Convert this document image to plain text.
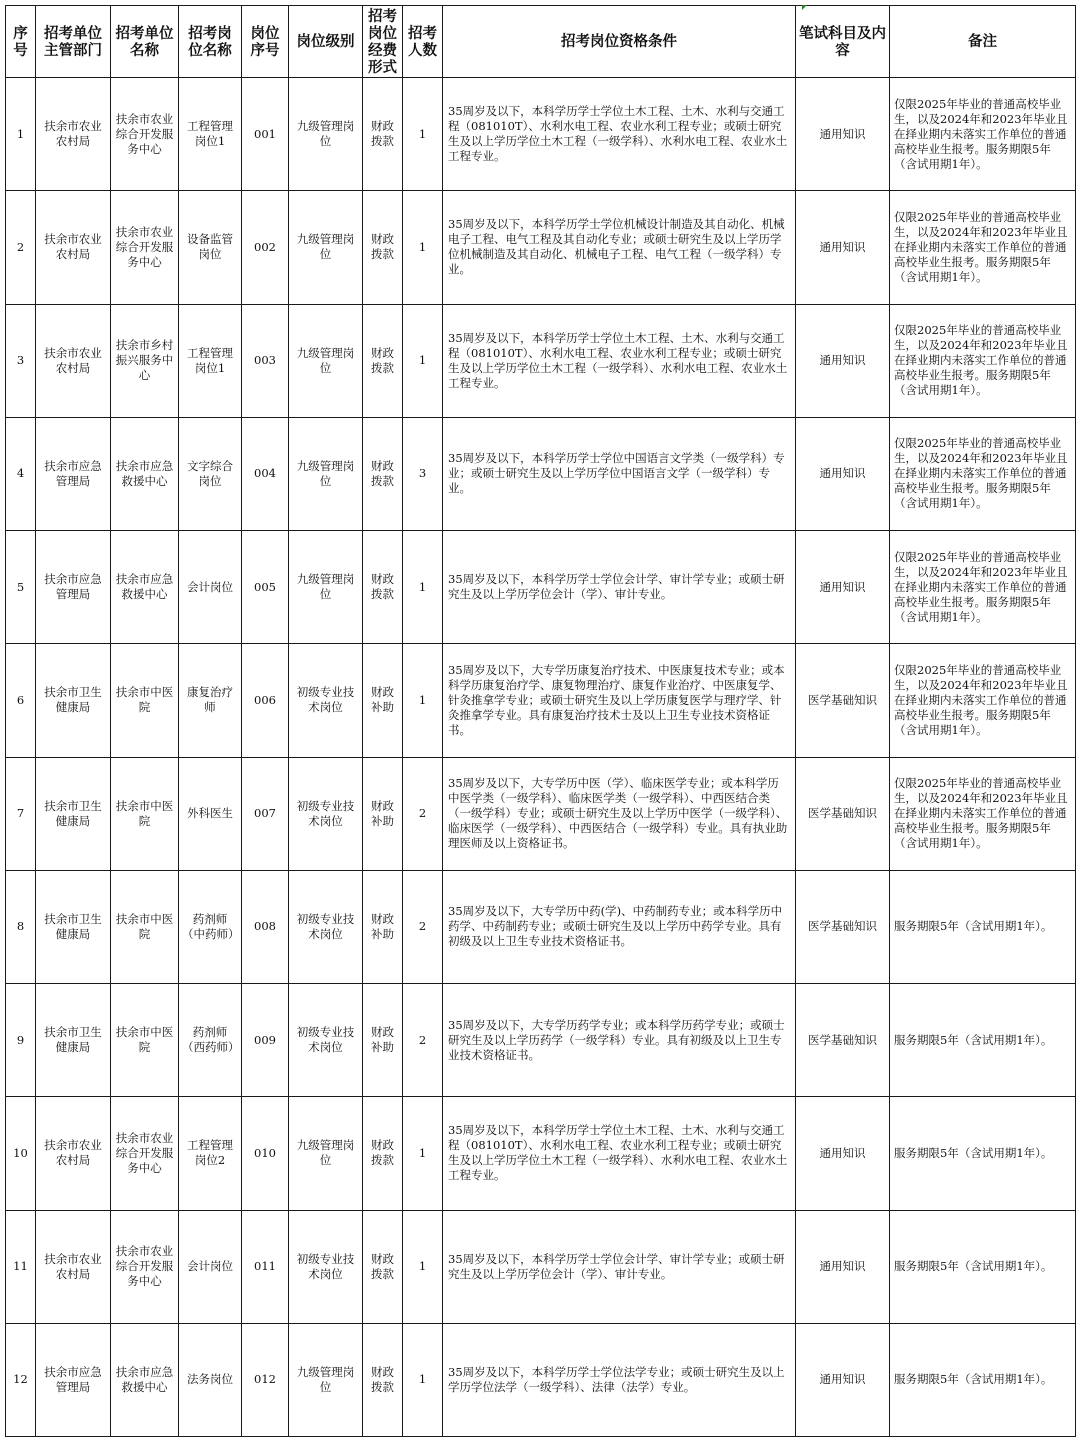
序号	招考单位主管部门	招考单位名称	招考岗位名称	岗位序号	岗位级别	招考岗位经费形式	招考人数	招考岗位资格条件	笔试科目及内容	备注
1	扶余市农业农村局	扶余市农业综合开发服务中心	工程管理岗位1	001	九级管理岗位	财政拨款	1	35周岁及以下，本科学历学士学位土木工程、土木、水利与交通工程（081010T）、水利水电工程、农业水利工程专业；或硕士研究生及以上学历学位土木工程（一级学科）、水利水电工程、农业水土工程专业。	通用知识	仅限2025年毕业的普通高校毕业生，以及2024年和2023年毕业且在择业期内未落实工作单位的普通高校毕业生报考。服务期限5年（含试用期1年）。
2	扶余市农业农村局	扶余市农业综合开发服务中心	设备监管岗位	002	九级管理岗位	财政拨款	1	35周岁及以下，本科学历学士学位机械设计制造及其自动化、机械电子工程、电气工程及其自动化专业；或硕士研究生及以上学历学位机械制造及其自动化、机械电子工程、电气工程（一级学科）专业。	通用知识	仅限2025年毕业的普通高校毕业生，以及2024年和2023年毕业且在择业期内未落实工作单位的普通高校毕业生报考。服务期限5年（含试用期1年）。
3	扶余市农业农村局	扶余市乡村振兴服务中心	工程管理岗位1	003	九级管理岗位	财政拨款	1	35周岁及以下，本科学历学士学位土木工程、土木、水利与交通工程（081010T）、水利水电工程、农业水利工程专业；或硕士研究生及以上学历学位土木工程（一级学科）、水利水电工程、农业水土工程专业。	通用知识	仅限2025年毕业的普通高校毕业生，以及2024年和2023年毕业且在择业期内未落实工作单位的普通高校毕业生报考。服务期限5年（含试用期1年）。
4	扶余市应急管理局	扶余市应急救援中心	文字综合岗位	004	九级管理岗位	财政拨款	3	35周岁及以下，本科学历学士学位中国语言文学类（一级学科）专业；或硕士研究生及以上学历学位中国语言文学（一级学科）专业。	通用知识	仅限2025年毕业的普通高校毕业生，以及2024年和2023年毕业且在择业期内未落实工作单位的普通高校毕业生报考。服务期限5年（含试用期1年）。
5	扶余市应急管理局	扶余市应急救援中心	会计岗位	005	九级管理岗位	财政拨款	1	35周岁及以下，本科学历学士学位会计学、审计学专业；或硕士研究生及以上学历学位会计（学）、审计专业。	通用知识	仅限2025年毕业的普通高校毕业生，以及2024年和2023年毕业且在择业期内未落实工作单位的普通高校毕业生报考。服务期限5年（含试用期1年）。
6	扶余市卫生健康局	扶余市中医院	康复治疗师	006	初级专业技术岗位	财政补助	1	35周岁及以下，大专学历康复治疗技术、中医康复技术专业；或本科学历康复治疗学、康复物理治疗、康复作业治疗、中医康复学、针灸推拿学专业；或硕士研究生及以上学历康复医学与理疗学、针灸推拿学专业。具有康复治疗技术士及以上卫生专业技术资格证书。	医学基础知识	仅限2025年毕业的普通高校毕业生，以及2024年和2023年毕业且在择业期内未落实工作单位的普通高校毕业生报考。服务期限5年（含试用期1年）。
7	扶余市卫生健康局	扶余市中医院	外科医生	007	初级专业技术岗位	财政补助	2	35周岁及以下，大专学历中医（学）、临床医学专业；或本科学历中医学类（一级学科）、临床医学类（一级学科）、中西医结合类（一级学科）专业；或硕士研究生及以上学历中医学（一级学科）、临床医学（一级学科）、中西医结合（一级学科）专业。具有执业助理医师及以上资格证书。	医学基础知识	仅限2025年毕业的普通高校毕业生，以及2024年和2023年毕业且在择业期内未落实工作单位的普通高校毕业生报考。服务期限5年（含试用期1年）。
8	扶余市卫生健康局	扶余市中医院	药剂师（中药师）	008	初级专业技术岗位	财政补助	2	35周岁及以下，大专学历中药(学)、中药制药专业；或本科学历中药学、中药制药专业；或硕士研究生及以上学历中药学专业。具有初级及以上卫生专业技术资格证书。	医学基础知识	服务期限5年（含试用期1年）。
9	扶余市卫生健康局	扶余市中医院	药剂师（西药师）	009	初级专业技术岗位	财政补助	2	35周岁及以下，大专学历药学专业；或本科学历药学专业；或硕士研究生及以上学历药学（一级学科）专业。具有初级及以上卫生专业技术资格证书。	医学基础知识	服务期限5年（含试用期1年）。
10	扶余市农业农村局	扶余市农业综合开发服务中心	工程管理岗位2	010	九级管理岗位	财政拨款	1	35周岁及以下，本科学历学士学位土木工程、土木、水利与交通工程（081010T）、水利水电工程、农业水利工程专业；或硕士研究生及以上学历学位土木工程（一级学科）、水利水电工程、农业水土工程专业。	通用知识	服务期限5年（含试用期1年）。
11	扶余市农业农村局	扶余市农业综合开发服务中心	会计岗位	011	初级专业技术岗位	财政拨款	1	35周岁及以下，本科学历学士学位会计学、审计学专业；或硕士研究生及以上学历学位会计（学）、审计专业。	通用知识	服务期限5年（含试用期1年）。
12	扶余市应急管理局	扶余市应急救援中心	法务岗位	012	九级管理岗位	财政拨款	1	35周岁及以下，本科学历学士学位法学专业；或硕士研究生及以上学历学位法学（一级学科）、法律（法学）专业。	通用知识	服务期限5年（含试用期1年）。
